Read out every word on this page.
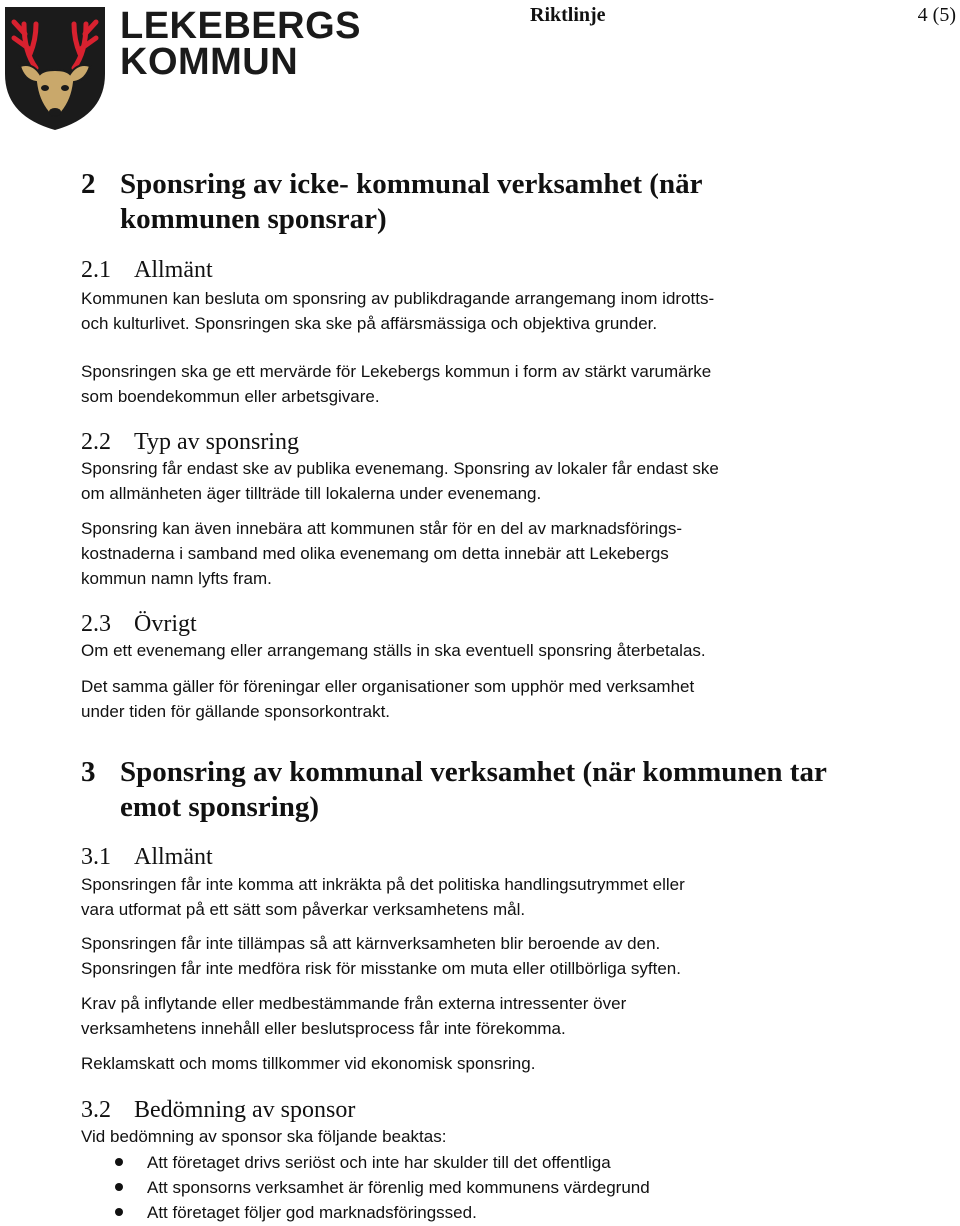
LEKEBERGS
KOMMUN
Riktlinje	4 (5)
2 Sponsring av icke- kommunal verksamhet (när kommunen sponsrar)
2.1 Allmänt
Kommunen kan besluta om sponsring av publikdragande arrangemang inom idrotts-
och kulturlivet. Sponsringen ska ske på affärsmässiga och objektiva grunder.
Sponsringen ska ge ett mervärde för Lekebergs kommun i form av stärkt varumärke
som boendekommun eller arbetsgivare.
2.2 Typ av sponsring
Sponsring får endast ske av publika evenemang. Sponsring av lokaler får endast ske
om allmänheten äger tillträde till lokalerna under evenemang.
Sponsring kan även innebära att kommunen står för en del av marknadsförings-
kostnaderna i samband med olika evenemang om detta innebär att Lekebergs
kommun namn lyfts fram.
2.3 Övrigt
Om ett evenemang eller arrangemang ställs in ska eventuell sponsring återbetalas.
Det samma gäller för föreningar eller organisationer som upphör med verksamhet
under tiden för gällande sponsorkontrakt.
3 Sponsring av kommunal verksamhet (när kommunen tar emot sponsring)
3.1 Allmänt
Sponsringen får inte komma att inkräkta på det politiska handlingsutrymmet eller
vara utformat på ett sätt som påverkar verksamhetens mål.
Sponsringen får inte tillämpas så att kärnverksamheten blir beroende av den.
Sponsringen får inte medföra risk för misstanke om muta eller otillbörliga syften.
Krav på inflytande eller medbestämmande från externa intressenter över
verksamhetens innehåll eller beslutsprocess får inte förekomma.
Reklamskatt och moms tillkommer vid ekonomisk sponsring.
3.2 Bedömning av sponsor
Vid bedömning av sponsor ska följande beaktas:
Att företaget drivs seriöst och inte har skulder till det offentliga
Att sponsorns verksamhet är förenlig med kommunens värdegrund
Att företaget följer god marknadsföringssed.
